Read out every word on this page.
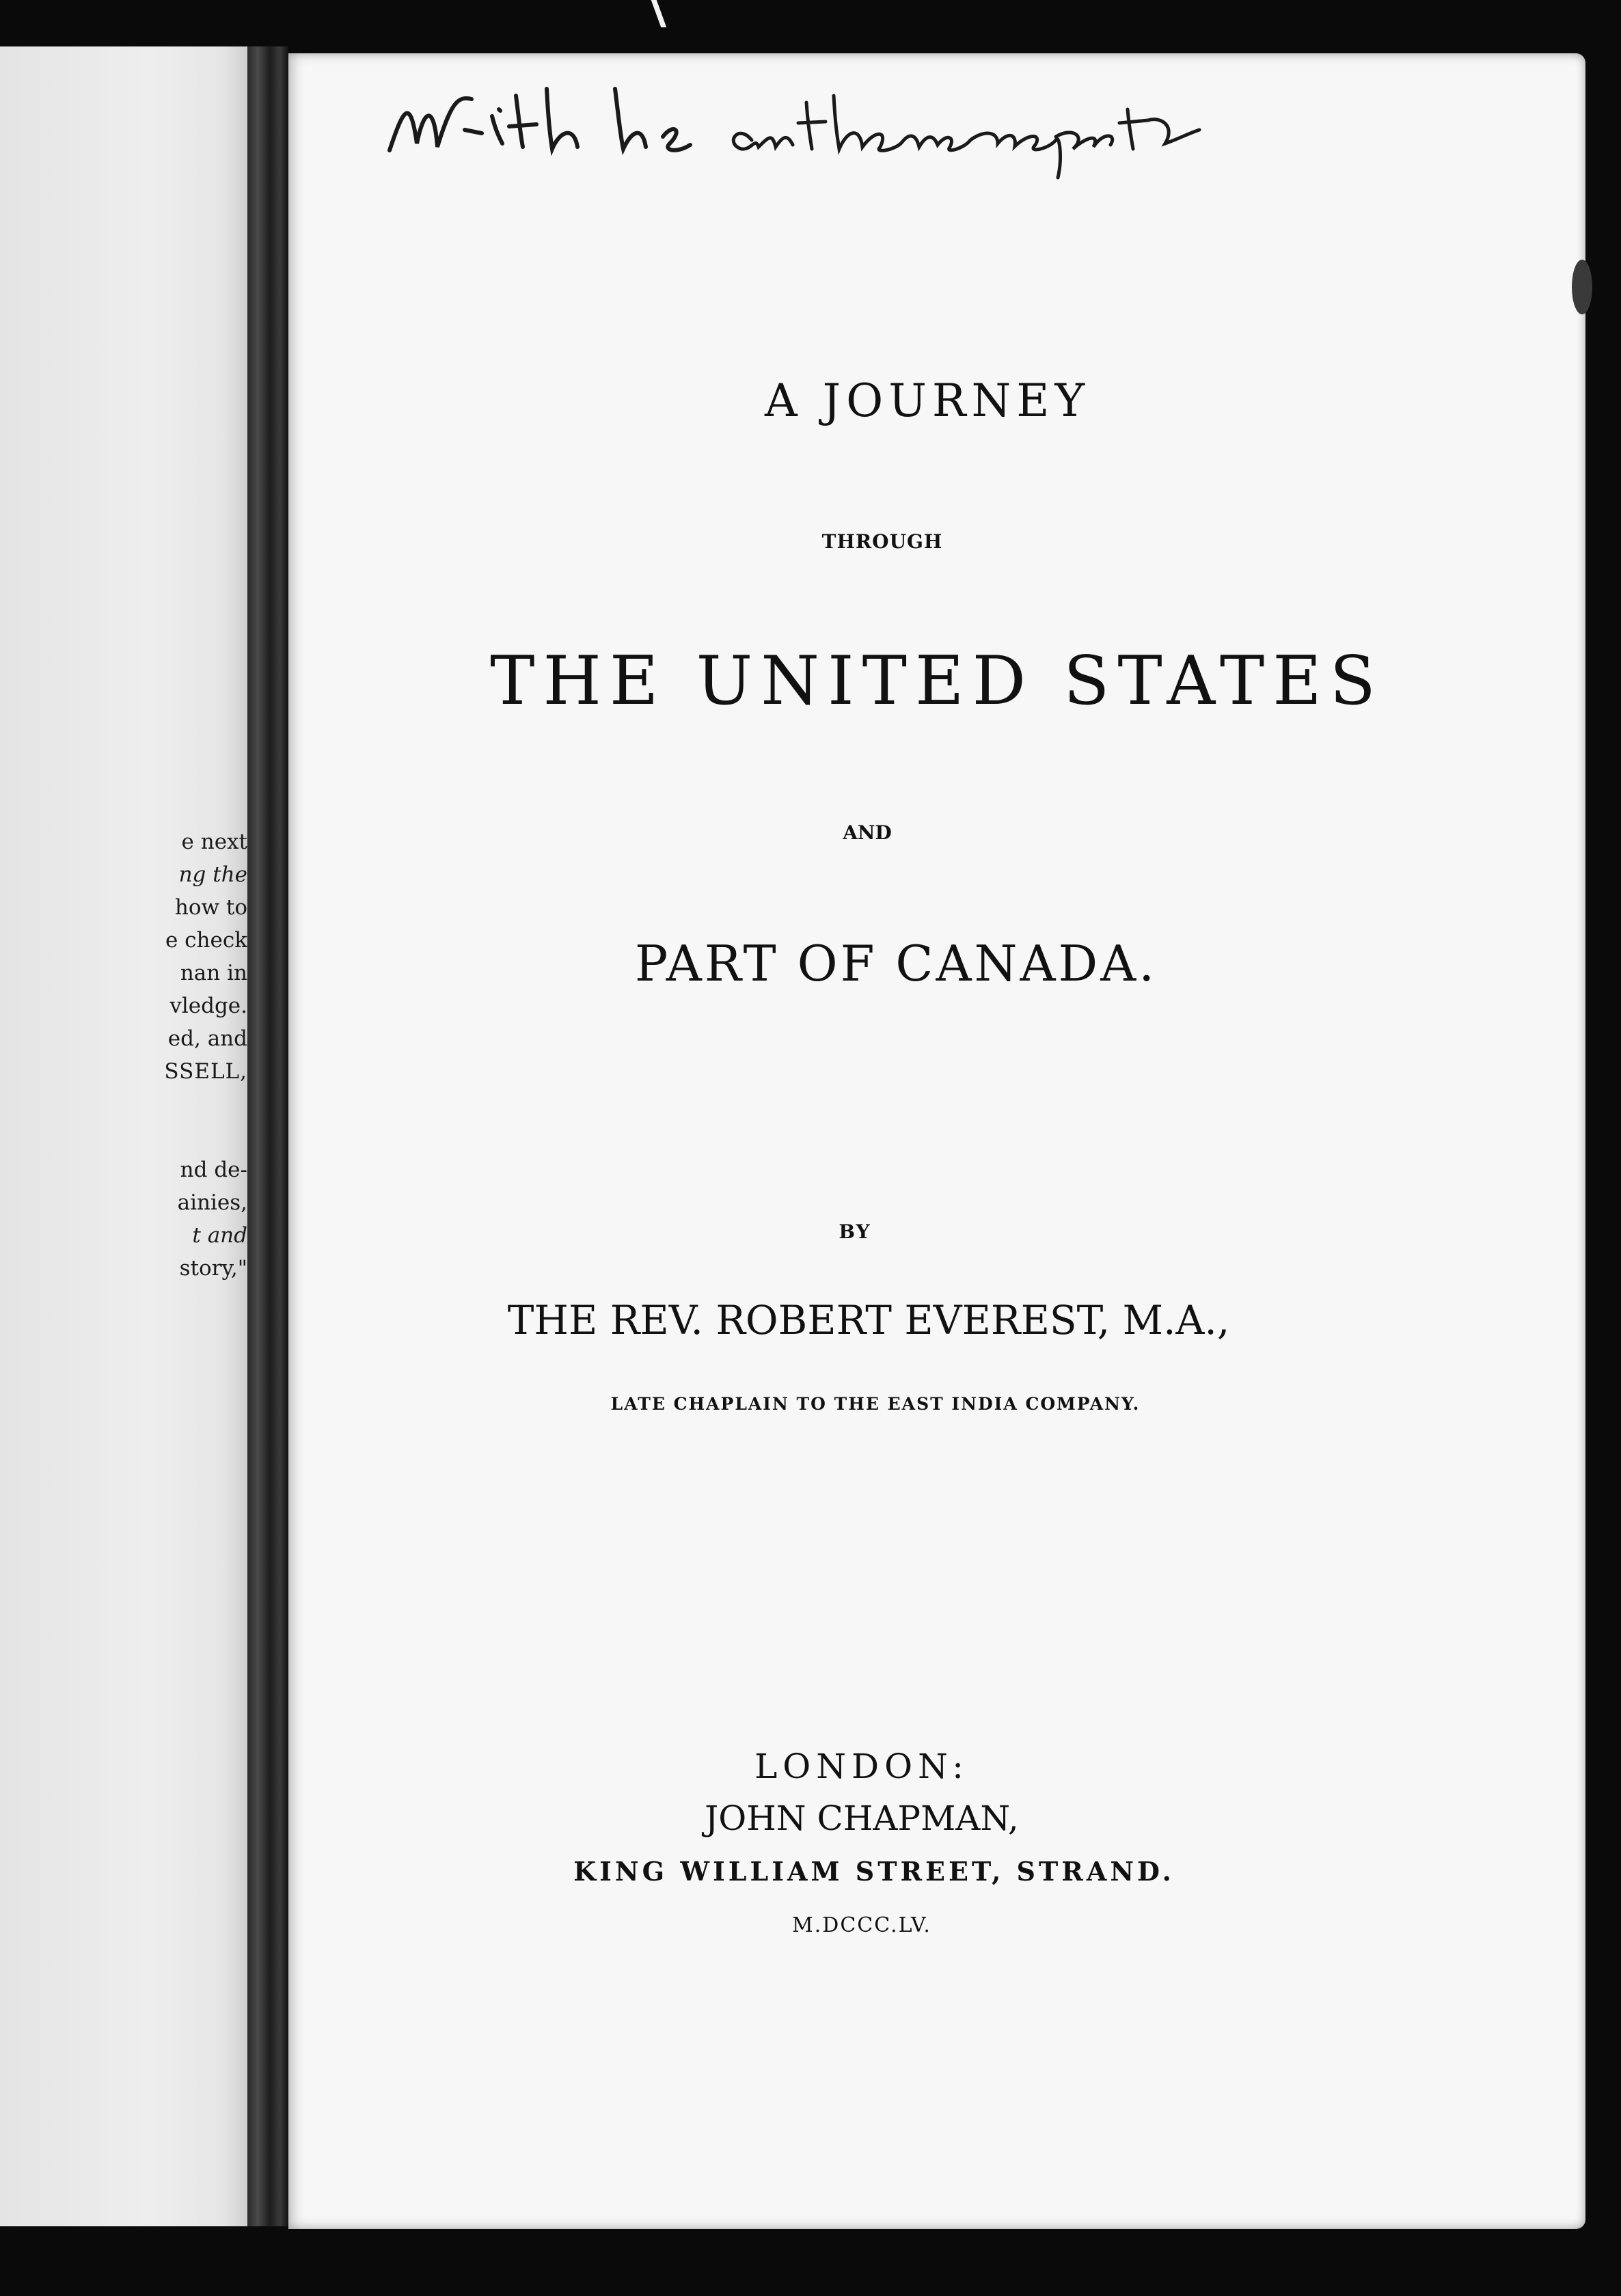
e next
ng the
how to
e check
nan in
vledge.
ed, and
SSELL,
nd de-
ainies,
t and
story,"
A JOURNEY
THROUGH
THE UNITED STATES
AND
PART OF CANADA.
BY
THE REV. ROBERT EVEREST, M.A.,
LATE CHAPLAIN TO THE EAST INDIA COMPANY.
LONDON:
JOHN CHAPMAN,
KING WILLIAM STREET, STRAND.
M.DCCC.LV.
